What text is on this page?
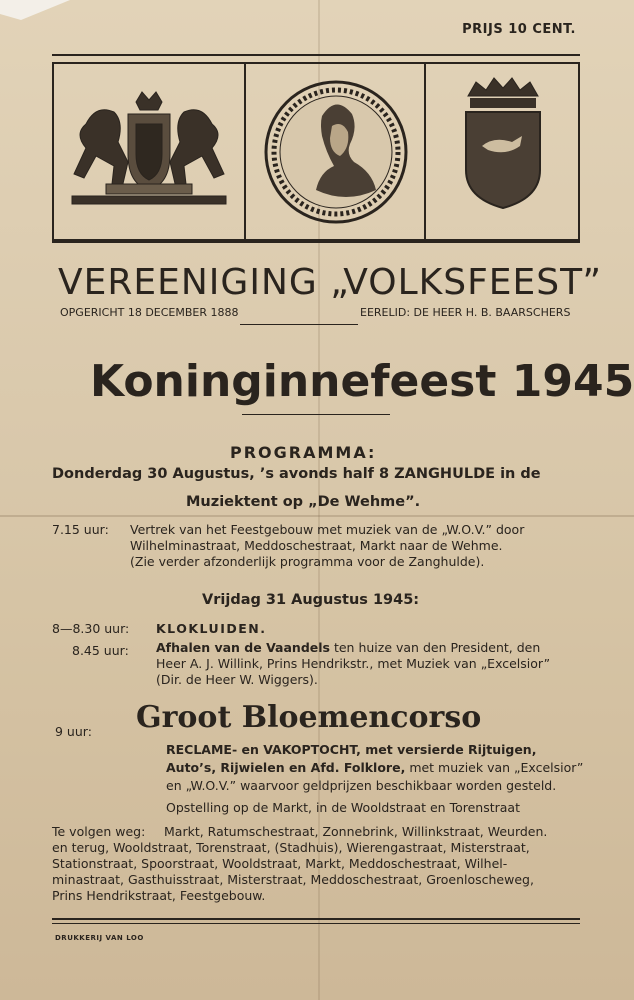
PRIJS 10 CENT.
VEREENIGING „VOLKSFEEST”
OPGERICHT 18 DECEMBER 1888	EERELID: DE HEER H. B. BAARSCHERS
Koninginnefeest 1945
PROGRAMMA:
Donderdag 30 Augustus, ’s avonds half 8 ZANGHULDE in de
Muziektent op „De Wehme”.
7.15 uur: Vertrek van het Feestgebouw met muziek van de „W.O.V.” door
Wilhelminastraat, Meddoschestraat, Markt naar de Wehme.
(Zie verder afzonderlijk programma voor de Zanghulde).
Vrijdag 31 Augustus 1945:
8—8.30 uur: KLOKLUIDEN.
8.45 uur: Afhalen van de Vaandels ten huize van den President, den
Heer A. J. Willink, Prins Hendrikstr., met Muziek van „Excelsior”
(Dir. de Heer W. Wiggers).
9 uur: Groot Bloemencorso
RECLAME- en VAKOPTOCHT, met versierde Rijtuigen,
Auto’s, Rijwielen en Afd. Folklore, met muziek van „Excelsior”
en „W.O.V.” waarvoor geldprijzen beschikbaar worden gesteld.
Opstelling op de Markt, in de Wooldstraat en Torenstraat
Te volgen weg: Markt, Ratumschestraat, Zonnebrink, Willinkstraat, Weurden.
en terug, Wooldstraat, Torenstraat, (Stadhuis), Wierengastraat, Misterstraat,
Stationstraat, Spoorstraat, Wooldstraat, Markt, Meddoschestraat, Wilhel-
minastraat, Gasthuisstraat, Misterstraat, Meddoschestraat, Groenloscheweg,
Prins Hendrikstraat, Feestgebouw.
DRUKKERIJ VAN LOO
